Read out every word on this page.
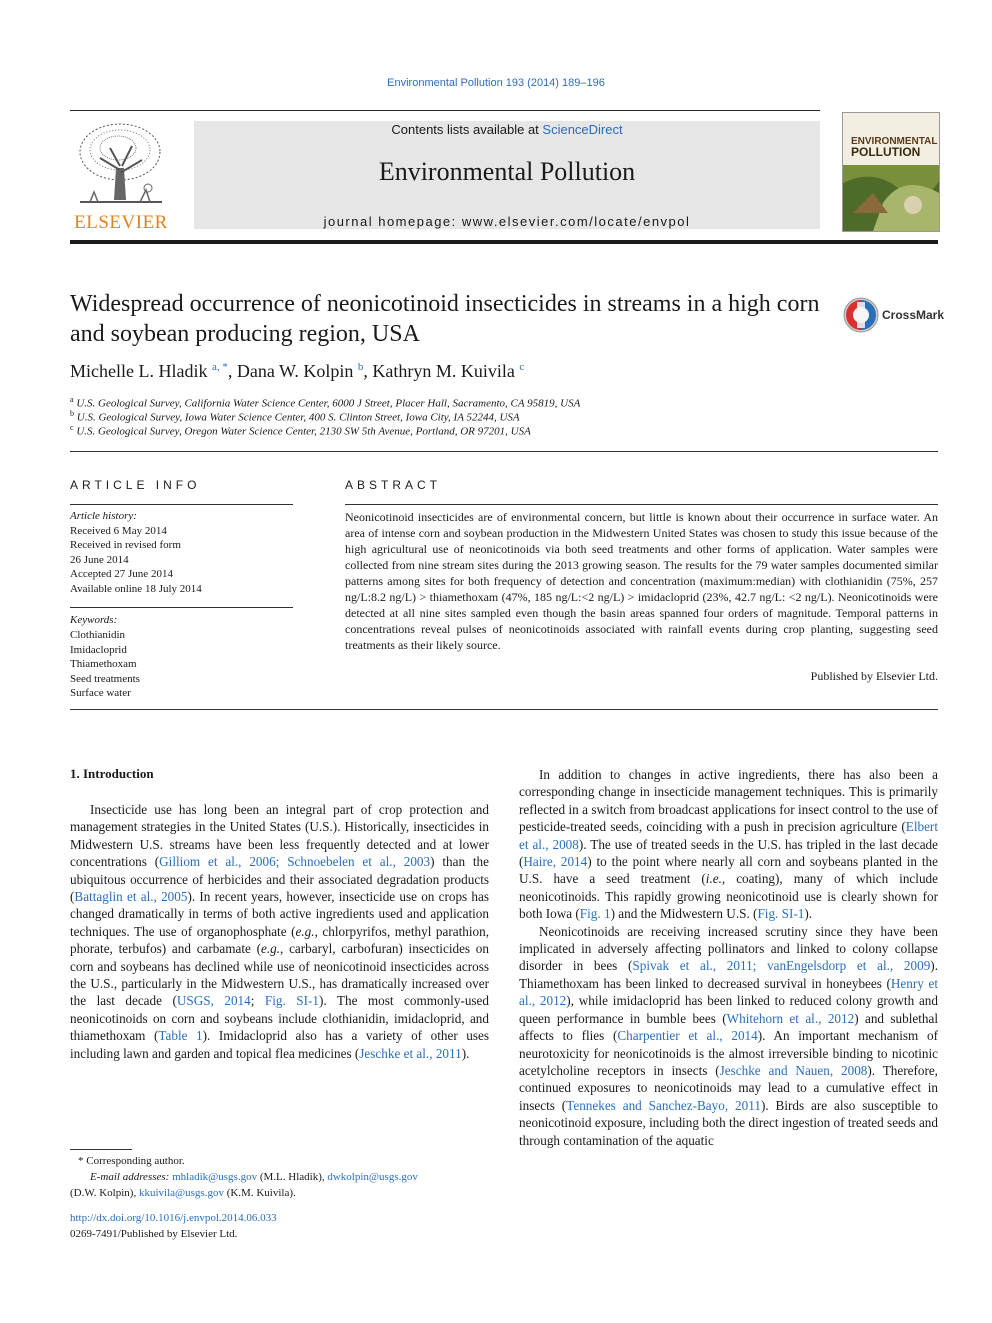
Environmental Pollution 193 (2014) 189–196
ELSEVIER
Contents lists available at ScienceDirect
Environmental Pollution
journal homepage: www.elsevier.com/locate/envpol
ENVIRONMENTAL
POLLUTION
Widespread occurrence of neonicotinoid insecticides in streams in a high corn and soybean producing region, USA
CrossMark
Michelle L. Hladik $^{a, *}$, Dana W. Kolpin $^b$, Kathryn M. Kuivila $^c$
$^a$ U.S. Geological Survey, California Water Science Center, 6000 J Street, Placer Hall, Sacramento, CA 95819, USA
$^b$ U.S. Geological Survey, Iowa Water Science Center, 400 S. Clinton Street, Iowa City, IA 52244, USA
$^c$ U.S. Geological Survey, Oregon Water Science Center, 2130 SW 5th Avenue, Portland, OR 97201, USA
ARTICLE INFO	ABSTRACT
Article history:
Received 6 May 2014
Received in revised form
26 June 2014
Accepted 27 June 2014
Available online 18 July 2014
Keywords:
Clothianidin
Imidacloprid
Thiamethoxam
Seed treatments
Surface water
Neonicotinoid insecticides are of environmental concern, but little is known about their occurrence in surface water. An area of intense corn and soybean production in the Midwestern United States was chosen to study this issue because of the high agricultural use of neonicotinoids via both seed treatments and other forms of application. Water samples were collected from nine stream sites during the 2013 growing season. The results for the 79 water samples documented similar patterns among sites for both frequency of detection and concentration (maximum:median) with clothianidin (75%, 257 ng/L:8.2 ng/L) > thiamethoxam (47%, 185 ng/L:<2 ng/L) > imidacloprid (23%, 42.7 ng/L: <2 ng/L). Neonicotinoids were detected at all nine sites sampled even though the basin areas spanned four orders of magnitude. Temporal patterns in concentrations reveal pulses of neonicotinoids associated with rainfall events during crop planting, suggesting seed treatments as their likely source.
Published by Elsevier Ltd.
1. Introduction

Insecticide use has long been an integral part of crop protection and management strategies in the United States (U.S.). Historically, insecticides in Midwestern U.S. streams have been less frequently detected and at lower concentrations (Gilliom et al., 2006; Schnoebelen et al., 2003) than the ubiquitous occurrence of herbicides and their associated degradation products (Battaglin et al., 2005). In recent years, however, insecticide use on crops has changed dramatically in terms of both active ingredients used and application techniques. The use of organophosphate (e.g., chlorpyrifos, methyl parathion, phorate, terbufos) and carbamate (e.g., carbaryl, carbofuran) insecticides on corn and soybeans has declined while use of neonicotinoid insecticides across the U.S., particularly in the Midwestern U.S., has dramatically increased over the last decade (USGS, 2014; Fig. SI-1). The most commonly-used neonicotinoids on corn and soybeans include clothianidin, imidacloprid, and thiamethoxam (Table 1). Imidacloprid also has a variety of other uses including lawn and garden and topical flea medicines (Jeschke et al., 2011).

In addition to changes in active ingredients, there has also been a corresponding change in insecticide management techniques. This is primarily reflected in a switch from broadcast applications for insect control to the use of pesticide-treated seeds, coinciding with a push in precision agriculture (Elbert et al., 2008). The use of treated seeds in the U.S. has tripled in the last decade (Haire, 2014) to the point where nearly all corn and soybeans planted in the U.S. have a seed treatment (i.e., coating), many of which include neonicotinoids. This rapidly growing neonicotinoid use is clearly shown for both Iowa (Fig. 1) and the Midwestern U.S. (Fig. SI-1).

Neonicotinoids are receiving increased scrutiny since they have been implicated in adversely affecting pollinators and linked to colony collapse disorder in bees (Spivak et al., 2011; vanEngelsdorp et al., 2009). Thiamethoxam has been linked to decreased survival in honeybees (Henry et al., 2012), while imidacloprid has been linked to reduced colony growth and queen performance in bumble bees (Whitehorn et al., 2012) and sublethal affects to flies (Charpentier et al., 2014). An important mechanism of neurotoxicity for neonicotinoids is the almost irreversible binding to nicotinic acetylcholine receptors in insects (Jeschke and Nauen, 2008). Therefore, continued exposures to neonicotinoids may lead to a cumulative effect in insects (Tennekes and Sanchez-Bayo, 2011). Birds are also susceptible to neonicotinoid exposure, including both the direct ingestion of treated seeds and through contamination of the aquatic

* Corresponding author.
E-mail addresses: mhladik@usgs.gov (M.L. Hladik), dwkolpin@usgs.gov
(D.W. Kolpin), kkuivila@usgs.gov (K.M. Kuivila).
http://dx.doi.org/10.1016/j.envpol.2014.06.033
0269-7491/Published by Elsevier Ltd.
